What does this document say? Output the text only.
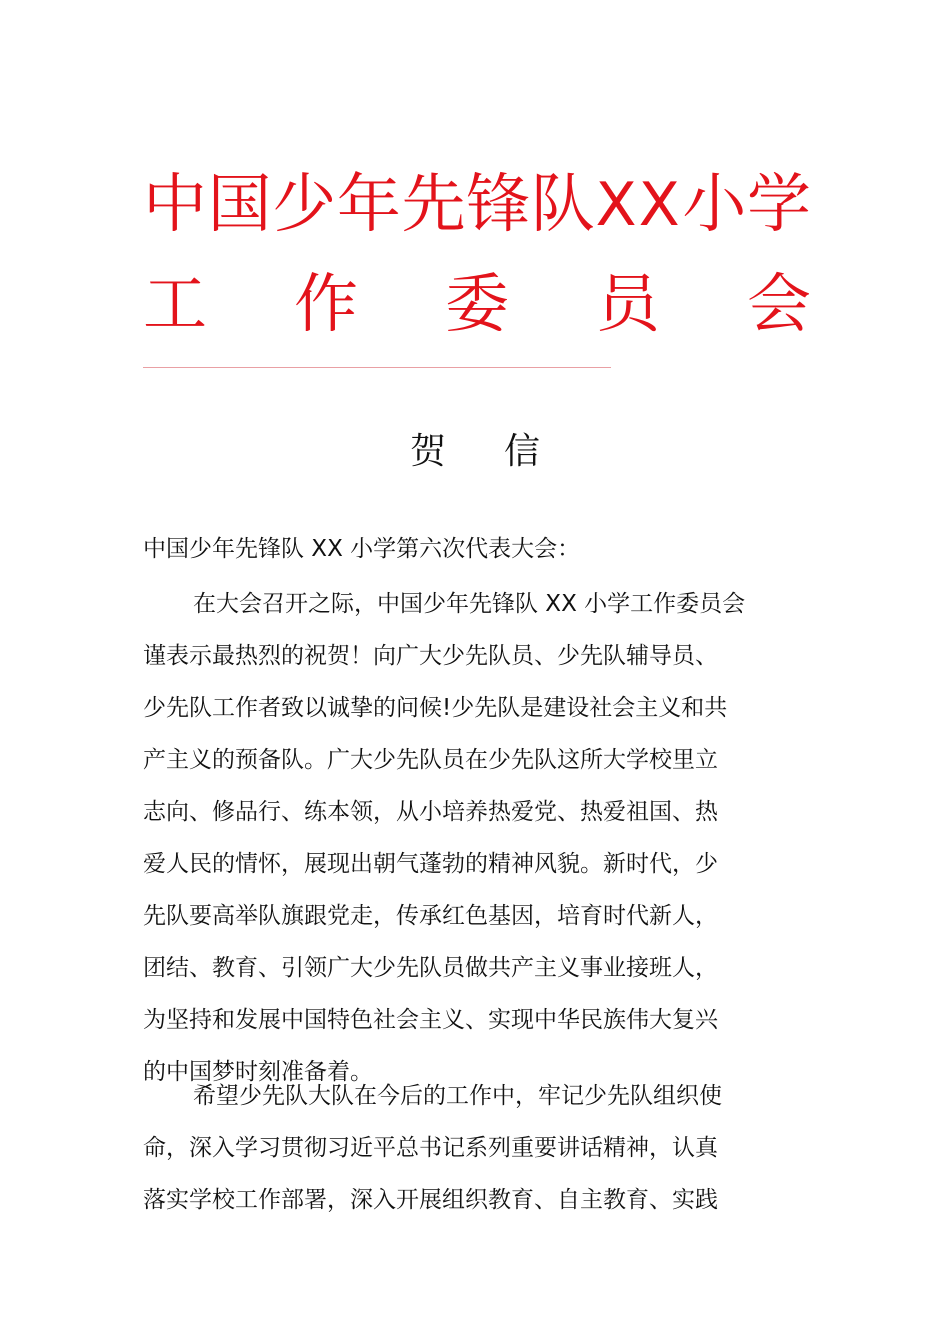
中 国 少 年 先 锋 队 XX 小 学
工 作 委 员 会
贺 信
中国少年先锋队 XX 小学第六次代表大会：
在大会召开之际，中国少年先锋队 XX 小学工作委员会
谨表示最热烈的祝贺！向广大少先队员、少先队辅导员、
少先队工作者致以诚挚的问候!少先队是建设社会主义和共
产主义的预备队。广大少先队员在少先队这所大学校里立
志向、修品行、练本领，从小培养热爱党、热爱祖国、热
爱人民的情怀，展现出朝气蓬勃的精神风貌。新时代，少
先队要高举队旗跟党走，传承红色基因，培育时代新人，
团结、教育、引领广大少先队员做共产主义事业接班人，
为坚持和发展中国特色社会主义、实现中华民族伟大复兴
的中国梦时刻准备着。
希望少先队大队在今后的工作中，牢记少先队组织使
命，深入学习贯彻习近平总书记系列重要讲话精神，认真
落实学校工作部署，深入开展组织教育、自主教育、实践
